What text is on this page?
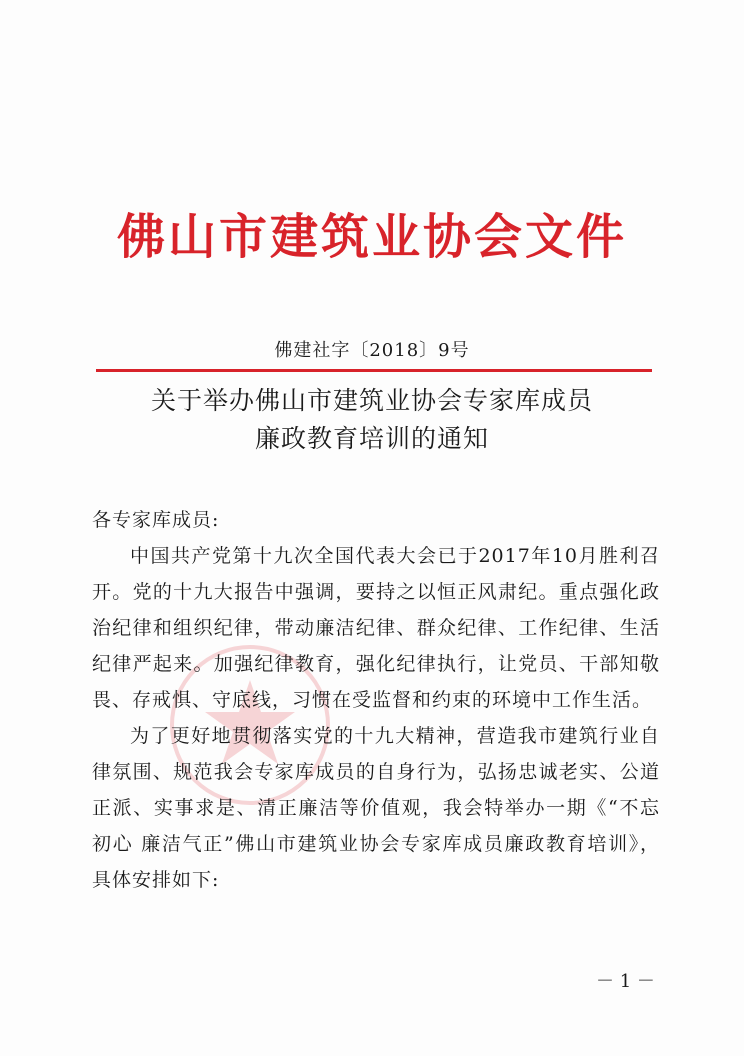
佛山市建筑业协会文件
佛建社字〔2018〕9号
关于举办佛山市建筑业协会专家库成员
廉政教育培训的通知
各专家库成员:

中国共产党第十九次全国代表大会已于2017年10月胜利召开。党的十九大报告中强调，要持之以恒正风肃纪。重点强化政治纪律和组织纪律，带动廉洁纪律、群众纪律、工作纪律、生活纪律严起来。加强纪律教育，强化纪律执行，让党员、干部知敬畏、存戒惧、守底线，习惯在受监督和约束的环境中工作生活。

为了更好地贯彻落实党的十九大精神，营造我市建筑行业自律氛围、规范我会专家库成员的自身行为，弘扬忠诚老实、公道正派、实事求是、清正廉洁等价值观，我会特举办一期《“不忘初心 廉洁气正”佛山市建筑业协会专家库成员廉政教育培训》，具体安排如下:

－ 1 －
